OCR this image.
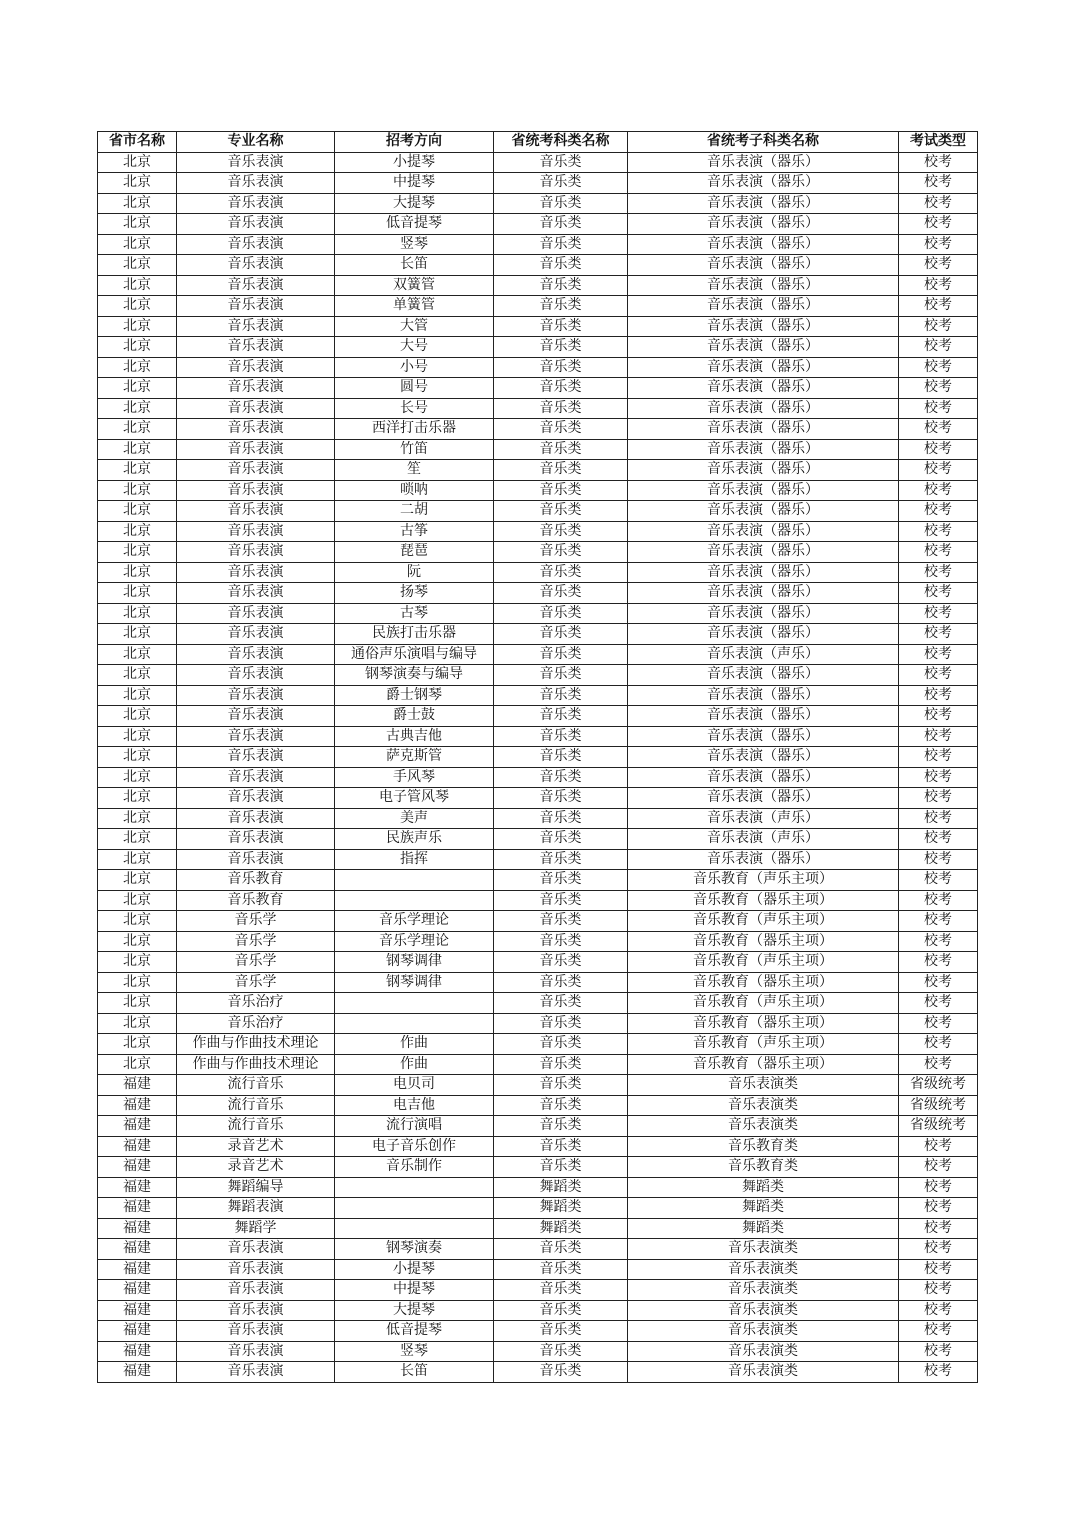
省市名称	专业名称	招考方向	省统考科类名称	省统考子科类名称	考试类型
北京	音乐表演	小提琴	音乐类	音乐表演（器乐）	校考
北京	音乐表演	中提琴	音乐类	音乐表演（器乐）	校考
北京	音乐表演	大提琴	音乐类	音乐表演（器乐）	校考
北京	音乐表演	低音提琴	音乐类	音乐表演（器乐）	校考
北京	音乐表演	竖琴	音乐类	音乐表演（器乐）	校考
北京	音乐表演	长笛	音乐类	音乐表演（器乐）	校考
北京	音乐表演	双簧管	音乐类	音乐表演（器乐）	校考
北京	音乐表演	单簧管	音乐类	音乐表演（器乐）	校考
北京	音乐表演	大管	音乐类	音乐表演（器乐）	校考
北京	音乐表演	大号	音乐类	音乐表演（器乐）	校考
北京	音乐表演	小号	音乐类	音乐表演（器乐）	校考
北京	音乐表演	圆号	音乐类	音乐表演（器乐）	校考
北京	音乐表演	长号	音乐类	音乐表演（器乐）	校考
北京	音乐表演	西洋打击乐器	音乐类	音乐表演（器乐）	校考
北京	音乐表演	竹笛	音乐类	音乐表演（器乐）	校考
北京	音乐表演	笙	音乐类	音乐表演（器乐）	校考
北京	音乐表演	唢呐	音乐类	音乐表演（器乐）	校考
北京	音乐表演	二胡	音乐类	音乐表演（器乐）	校考
北京	音乐表演	古筝	音乐类	音乐表演（器乐）	校考
北京	音乐表演	琵琶	音乐类	音乐表演（器乐）	校考
北京	音乐表演	阮	音乐类	音乐表演（器乐）	校考
北京	音乐表演	扬琴	音乐类	音乐表演（器乐）	校考
北京	音乐表演	古琴	音乐类	音乐表演（器乐）	校考
北京	音乐表演	民族打击乐器	音乐类	音乐表演（器乐）	校考
北京	音乐表演	通俗声乐演唱与编导	音乐类	音乐表演（声乐）	校考
北京	音乐表演	钢琴演奏与编导	音乐类	音乐表演（器乐）	校考
北京	音乐表演	爵士钢琴	音乐类	音乐表演（器乐）	校考
北京	音乐表演	爵士鼓	音乐类	音乐表演（器乐）	校考
北京	音乐表演	古典吉他	音乐类	音乐表演（器乐）	校考
北京	音乐表演	萨克斯管	音乐类	音乐表演（器乐）	校考
北京	音乐表演	手风琴	音乐类	音乐表演（器乐）	校考
北京	音乐表演	电子管风琴	音乐类	音乐表演（器乐）	校考
北京	音乐表演	美声	音乐类	音乐表演（声乐）	校考
北京	音乐表演	民族声乐	音乐类	音乐表演（声乐）	校考
北京	音乐表演	指挥	音乐类	音乐表演（器乐）	校考
北京	音乐教育		音乐类	音乐教育（声乐主项）	校考
北京	音乐教育		音乐类	音乐教育（器乐主项）	校考
北京	音乐学	音乐学理论	音乐类	音乐教育（声乐主项）	校考
北京	音乐学	音乐学理论	音乐类	音乐教育（器乐主项）	校考
北京	音乐学	钢琴调律	音乐类	音乐教育（声乐主项）	校考
北京	音乐学	钢琴调律	音乐类	音乐教育（器乐主项）	校考
北京	音乐治疗		音乐类	音乐教育（声乐主项）	校考
北京	音乐治疗		音乐类	音乐教育（器乐主项）	校考
北京	作曲与作曲技术理论	作曲	音乐类	音乐教育（声乐主项）	校考
北京	作曲与作曲技术理论	作曲	音乐类	音乐教育（器乐主项）	校考
福建	流行音乐	电贝司	音乐类	音乐表演类	省级统考
福建	流行音乐	电吉他	音乐类	音乐表演类	省级统考
福建	流行音乐	流行演唱	音乐类	音乐表演类	省级统考
福建	录音艺术	电子音乐创作	音乐类	音乐教育类	校考
福建	录音艺术	音乐制作	音乐类	音乐教育类	校考
福建	舞蹈编导		舞蹈类	舞蹈类	校考
福建	舞蹈表演		舞蹈类	舞蹈类	校考
福建	舞蹈学		舞蹈类	舞蹈类	校考
福建	音乐表演	钢琴演奏	音乐类	音乐表演类	校考
福建	音乐表演	小提琴	音乐类	音乐表演类	校考
福建	音乐表演	中提琴	音乐类	音乐表演类	校考
福建	音乐表演	大提琴	音乐类	音乐表演类	校考
福建	音乐表演	低音提琴	音乐类	音乐表演类	校考
福建	音乐表演	竖琴	音乐类	音乐表演类	校考
福建	音乐表演	长笛	音乐类	音乐表演类	校考
